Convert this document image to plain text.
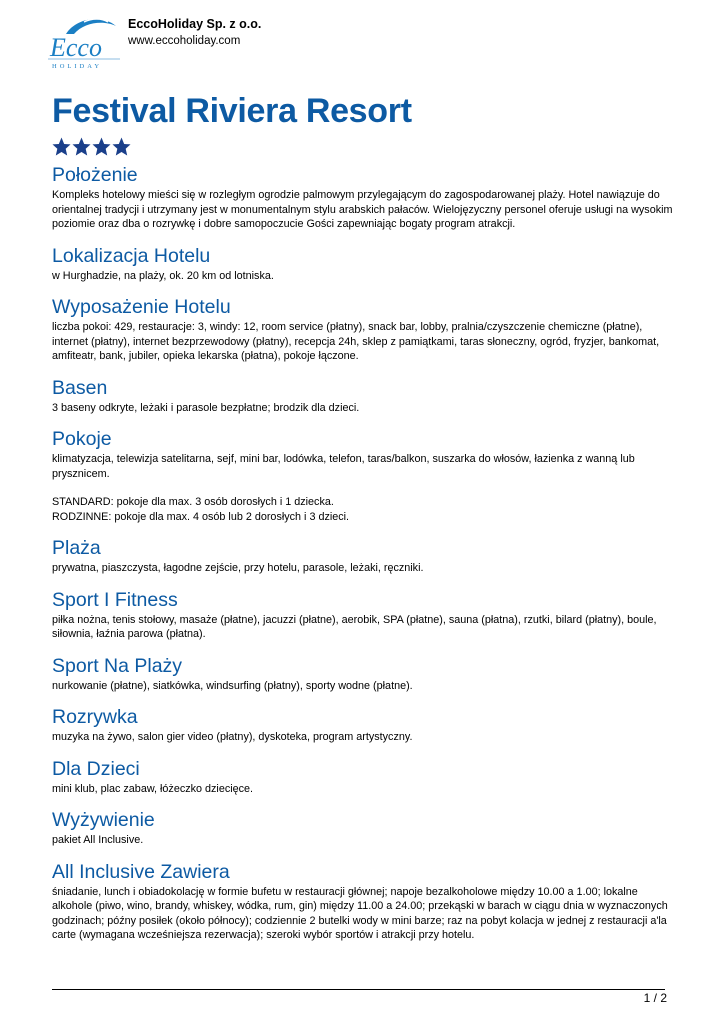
Ecco
HOLIDAY
EccoHoliday Sp. z o.o.
www.eccoholiday.com
Festival Riviera Resort
Położenie

Kompleks hotelowy mieści się w rozległym ogrodzie palmowym przylegającym do zagospodarowanej plaży. Hotel nawiązuje do orientalnej tradycji i utrzymany jest w monumentalnym stylu arabskich pałaców. Wielojęzyczny personel oferuje usługi na wysokim poziomie oraz dba o rozrywkę i dobre samopoczucie Gości zapewniając bogaty program atrakcji.

Lokalizacja Hotelu

w Hurghadzie, na plaży, ok. 20 km od lotniska.

Wyposażenie Hotelu

liczba pokoi: 429, restauracje: 3, windy: 12, room service (płatny), snack bar, lobby, pralnia/czyszczenie chemiczne (płatne), internet (płatny), internet bezprzewodowy (płatny), recepcja 24h, sklep z pamiątkami, taras słoneczny, ogród, fryzjer, bankomat, amfiteatr, bank, jubiler, opieka lekarska (płatna), pokoje łączone.

Basen

3 baseny odkryte, leżaki i parasole bezpłatne; brodzik dla dzieci.

Pokoje

klimatyzacja, telewizja satelitarna, sejf, mini bar, lodówka, telefon, taras/balkon, suszarka do włosów, łazienka z wanną lub prysznicem.

STANDARD: pokoje dla max. 3 osób dorosłych i 1 dziecka.
RODZINNE: pokoje dla max. 4 osób lub 2 dorosłych i 3 dzieci.

Plaża

prywatna, piaszczysta, łagodne zejście, przy hotelu, parasole, leżaki, ręczniki.

Sport I Fitness

piłka nożna, tenis stołowy, masaże (płatne), jacuzzi (płatne), aerobik, SPA (płatne), sauna (płatna), rzutki, bilard (płatny), boule, siłownia, łaźnia parowa (płatna).

Sport Na Plaży

nurkowanie (płatne), siatkówka, windsurfing (płatny), sporty wodne (płatne).

Rozrywka

muzyka na żywo, salon gier video (płatny), dyskoteka, program artystyczny.

Dla Dzieci

mini klub, plac zabaw, łóżeczko dziecięce.

Wyżywienie

pakiet All Inclusive.

All Inclusive Zawiera

śniadanie, lunch i obiadokolację w formie bufetu w restauracji głównej; napoje bezalkoholowe między 10.00 a 1.00; lokalne alkohole (piwo, wino, brandy, whiskey, wódka, rum, gin) między 11.00 a 24.00; przekąski w barach w ciągu dnia w wyznaczonych godzinach; późny posiłek (około północy); codziennie 2 butelki wody w mini barze; raz na pobyt kolacja w jednej z restauracji a'la carte (wymagana wcześniejsza rezerwacja); szeroki wybór sportów i atrakcji przy hotelu.

1 / 2
